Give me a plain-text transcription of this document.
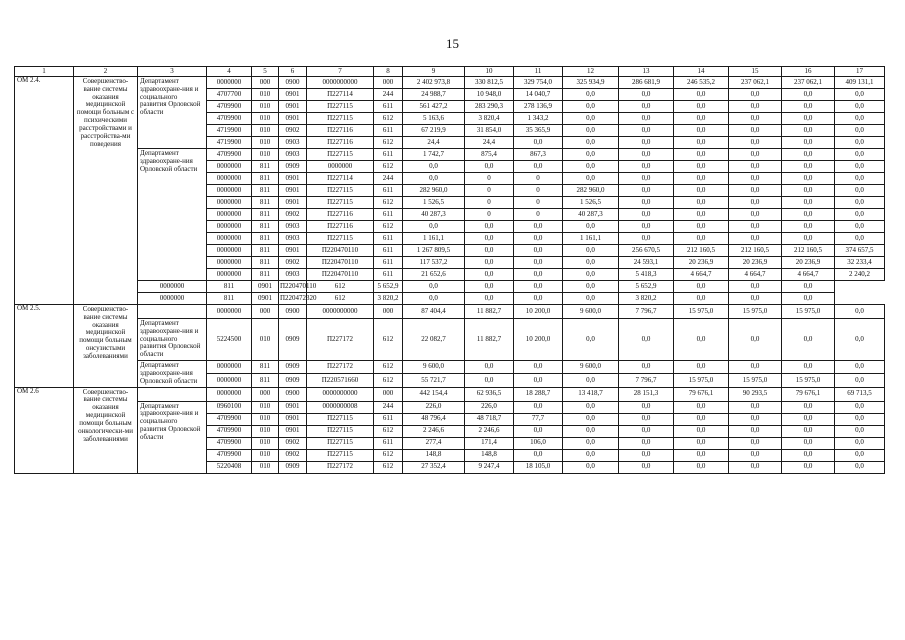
15
1	2	3	4	5	6	7	8	9	10	11	12	13	14	15	16	17
ОМ 2.4.	Совершенство-вание системы оказания медицинской помощи больным с психическими расстройствами и расстройства-ми поведения	Департамент здравоохране-ния и социального развития Орловской области	0000000	000	0900	0000000000	000	2 402 973,8	330 812,5	329 754,0	325 934,9	286 681,9	246 535,2	237 062,1	237 062,1	409 131,1
			4707700	010	0901	П227114	244	24 988,7	10 948,0	14 040,7	0,0	0,0	0,0	0,0	0,0	0,0
			4709900	010	0901	П227115	611	561 427,2	283 290,3	278 136,9	0,0	0,0	0,0	0,0	0,0	0,0
			4709900	010	0901	П227115	612	5 163,6	3 820,4	1 343,2	0,0	0,0	0,0	0,0	0,0	0,0
			4719900	010	0902	П227116	611	67 219,9	31 854,0	35 365,9	0,0	0,0	0,0	0,0	0,0	0,0
			4719900	010	0903	П227116	612	24,4	24,4	0,0	0,0	0,0	0,0	0,0	0,0	0,0
		Департамент здравоохране-ния Орловской области	4709900	010	0903	П227115	611	1 742,7	875,4	867,3	0,0	0,0	0,0	0,0	0,0	0,0
			0000000	811	0909	0000000	612	0,0	0,0	0,0	0,0	0,0	0,0	0,0	0,0	0,0
			0000000	811	0901	П227114	244	0,0	0	0	0,0	0,0	0,0	0,0	0,0	0,0
			0000000	811	0901	П227115	611	282 960,0	0	0	282 960,0	0,0	0,0	0,0	0,0	0,0
			0000000	811	0901	П227115	612	1 526,5	0	0	1 526,5	0,0	0,0	0,0	0,0	0,0
			0000000	811	0902	П227116	611	40 287,3	0	0	40 287,3	0,0	0,0	0,0	0,0	0,0
			0000000	811	0903	П227116	612	0,0	0,0	0,0	0,0	0,0	0,0	0,0	0,0	0,0
			0000000	811	0903	П227115	611	1 161,1	0,0	0,0	1 161,1	0,0	0,0	0,0	0,0	0,0
			0000000	811	0901	П220470110	611	1 267 809,5	0,0	0,0	0,0	256 670,5	212 160,5	212 160,5	212 160,5	374 657,5
			0000000	811	0902	П220470110	611	117 537,2	0,0	0,0	0,0	24 593,1	20 236,9	20 236,9	20 236,9	32 233,4
			0000000	811	0903	П220470110	611	21 652,6	0,0	0,0	0,0	5 418,3	4 664,7	4 664,7	4 664,7	2 240,2
		0000000	811	0901	П220470110	612	5 652,9	0,0	0,0	0,0	0,0	5 652,9	0,0	0,0	0,0	
		0000000	811	0901	П220472320	612	3 820,2	0,0	0,0	0,0	0,0	3 820,2	0,0	0,0	0,0	
ОМ 2.5.	Совершенство-вание системы оказания медицинской помощи больным онсузистыми заболеваниями		0000000	000	0900	0000000000	000	87 404,4	11 882,7	10 200,0	9 600,0	7 796,7	15 975,0	15 975,0	15 975,0	0,0
		Департамент здравоохране-ния и социального развития Орловской области	5224500	010	0909	П227172	612	22 082,7	11 882,7	10 200,0	0,0	0,0	0,0	0,0	0,0	0,0
		Департамент здравоохране-ния Орловской области	0000000	811	0909	П227172	612	9 600,0	0,0	0,0	9 600,0	0,0	0,0	0,0	0,0	0,0
			0000000	811	0909	П220571660	612	55 721,7	0,0	0,0	0,0	7 796,7	15 975,0	15 975,0	15 975,0	0,0
ОМ 2.6	Совершенство-вание системы оказания медицинской помощи больным онкологически-ми заболеваниями		0000000	000	0900	0000000000	000	442 154,4	62 936,5	18 288,7	13 418,7	28 151,3	79 676,1	90 293,5	79 676,1	69 713,5
		Департамент здравоохране-ния и социального развития Орловской области	0960100	010	0901	0000000008	244	226,0	226,0	0,0	0,0	0,0	0,0	0,0	0,0	0,0
			4709900	010	0901	П227115	611	48 796,4	48 718,7	77,7	0,0	0,0	0,0	0,0	0,0	0,0
			4709900	010	0901	П227115	612	2 246,6	2 246,6	0,0	0,0	0,0	0,0	0,0	0,0	0,0
			4709900	010	0902	П227115	611	277,4	171,4	106,0	0,0	0,0	0,0	0,0	0,0	0,0
			4709900	010	0902	П227115	612	148,8	148,8	0,0	0,0	0,0	0,0	0,0	0,0	0,0
			5220408	010	0909	П227172	612	27 352,4	9 247,4	18 105,0	0,0	0,0	0,0	0,0	0,0	0,0
